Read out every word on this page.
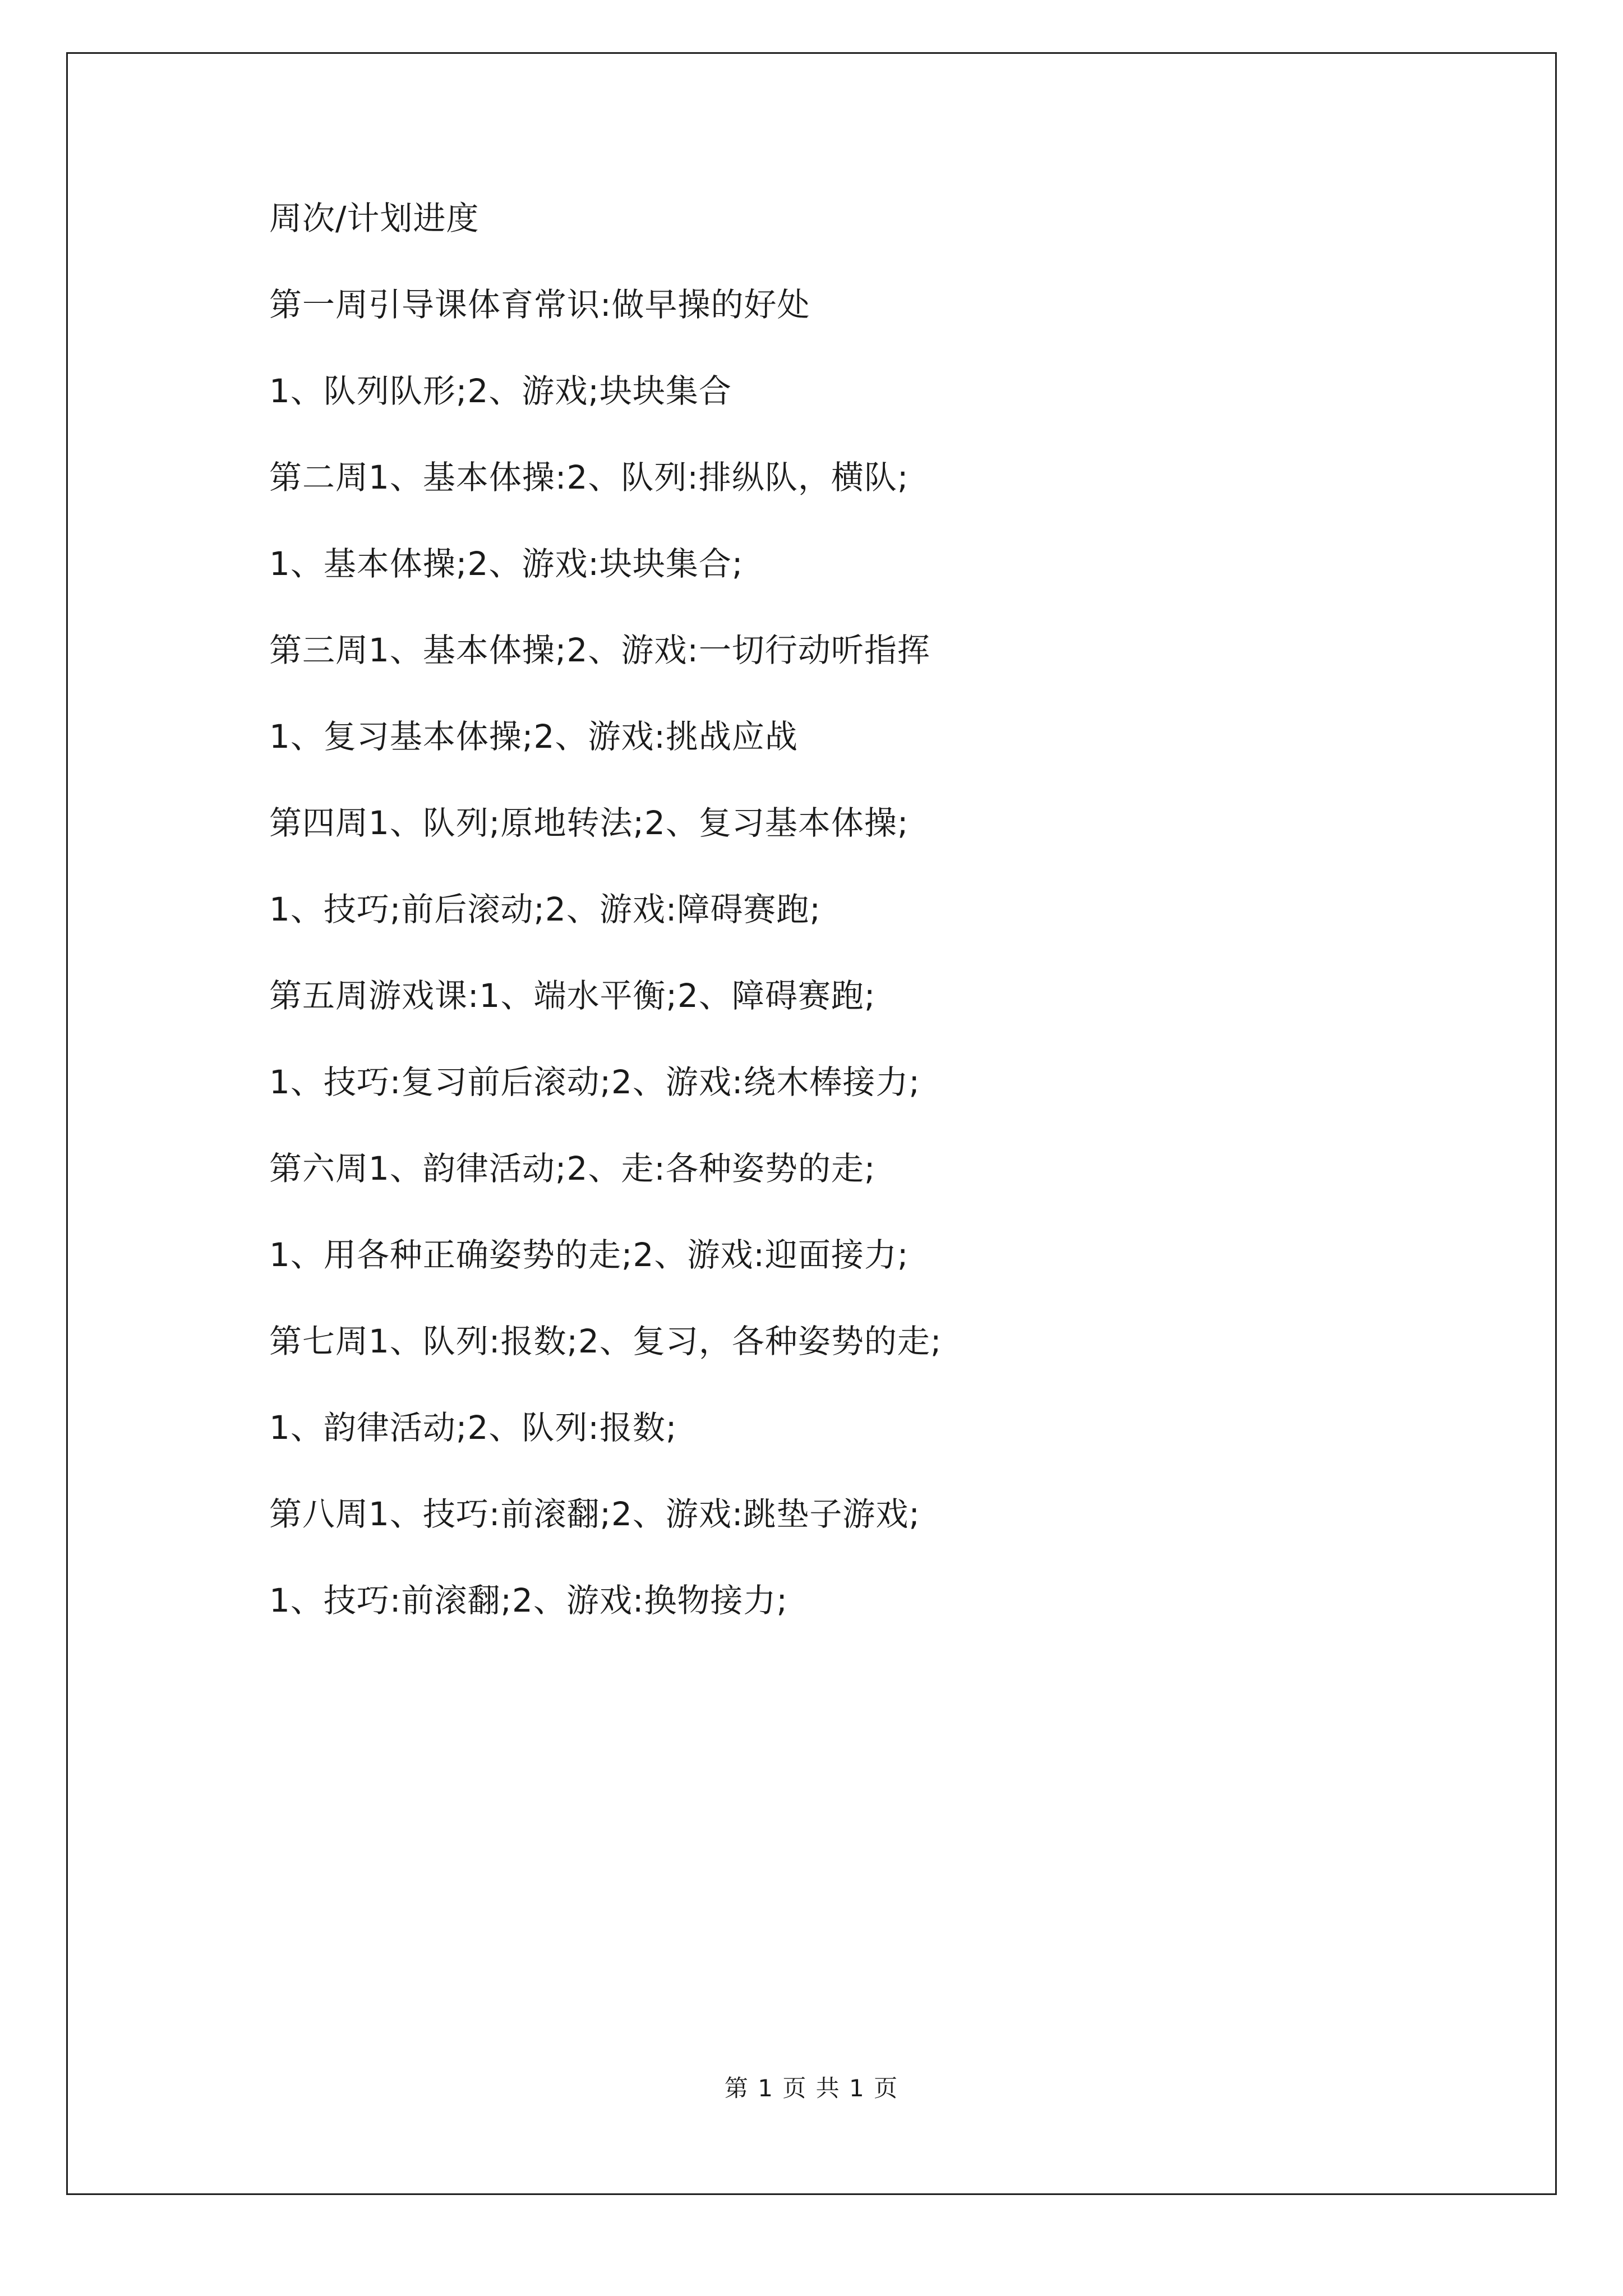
周次/计划进度

第一周引导课体育常识:做早操的好处

1、队列队形;2、游戏;块块集合

第二周1、基本体操:2、队列:排纵队，横队;

1、基本体操;2、游戏:块块集合;

第三周1、基本体操;2、游戏:一切行动听指挥

1、复习基本体操;2、游戏:挑战应战

第四周1、队列;原地转法;2、复习基本体操;

1、技巧;前后滚动;2、游戏:障碍赛跑;

第五周游戏课:1、端水平衡;2、障碍赛跑;

1、技巧:复习前后滚动;2、游戏:绕木棒接力;

第六周1、韵律活动;2、走:各种姿势的走;

1、用各种正确姿势的走;2、游戏:迎面接力;

第七周1、队列:报数;2、复习，各种姿势的走;

1、韵律活动;2、队列:报数;

第八周1、技巧:前滚翻;2、游戏:跳垫子游戏;

1、技巧:前滚翻;2、游戏:换物接力;

第 1 页 共 1 页
